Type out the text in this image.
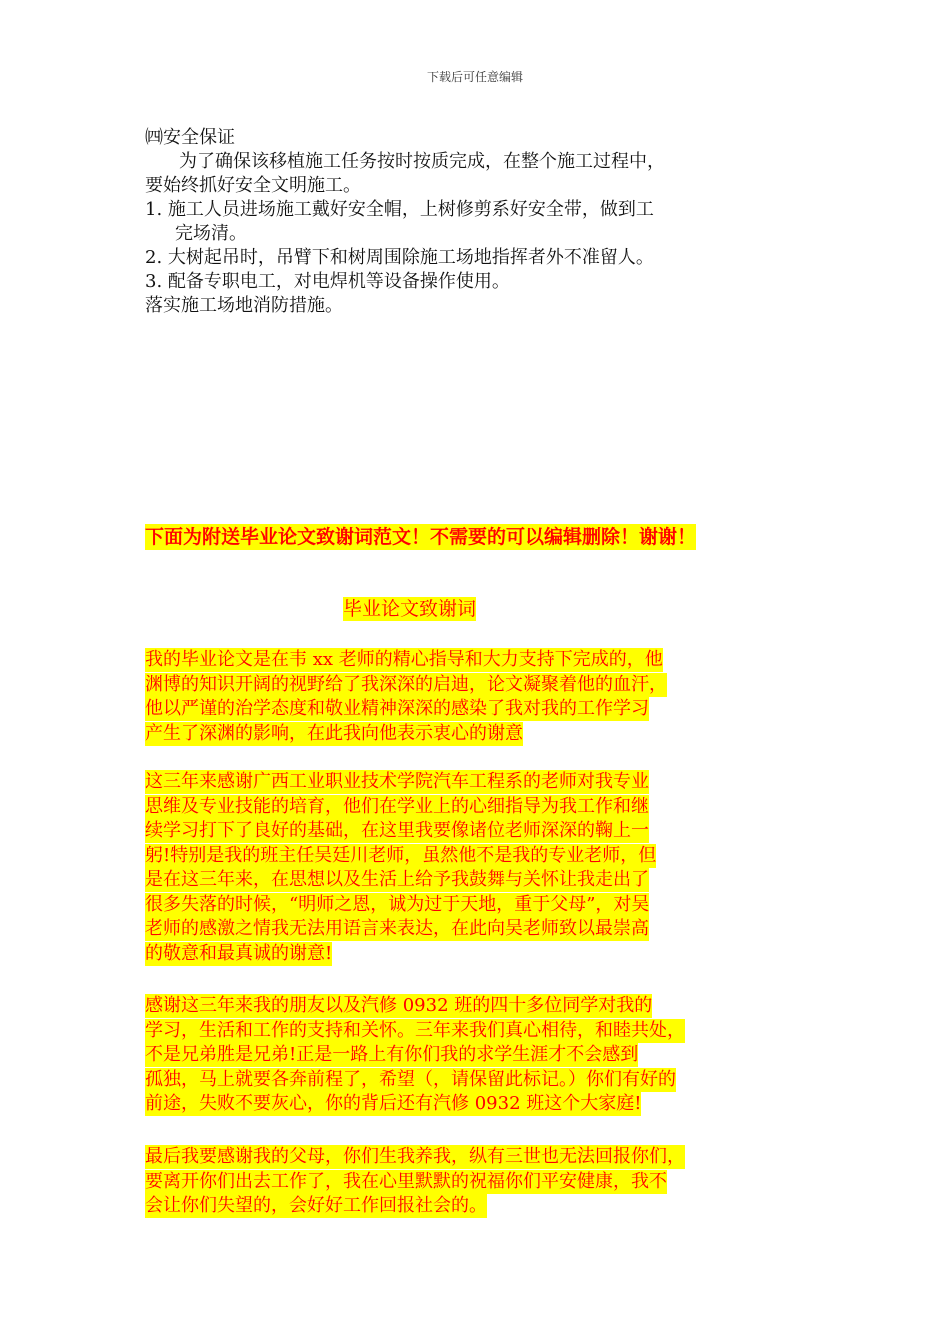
下载后可任意编辑
㈣安全保证
为了确保该移植施工任务按时按质完成，在整个施工过程中，
要始终抓好安全文明施工。
1. 施工人员进场施工戴好安全帽，上树修剪系好安全带，做到工
完场清。
2. 大树起吊时，吊臂下和树周围除施工场地指挥者外不准留人。
3. 配备专职电工，对电焊机等设备操作使用。
落实施工场地消防措施。
下面为附送毕业论文致谢词范文！不需要的可以编辑删除！谢谢！
毕业论文致谢词
我的毕业论文是在韦 xx 老师的精心指导和大力支持下完成的，他
渊博的知识开阔的视野给了我深深的启迪，论文凝聚着他的血汗，
他以严谨的治学态度和敬业精神深深的感染了我对我的工作学习
产生了深渊的影响，在此我向他表示衷心的谢意
这三年来感谢广西工业职业技术学院汽车工程系的老师对我专业
思维及专业技能的培育，他们在学业上的心细指导为我工作和继
续学习打下了良好的基础，在这里我要像诸位老师深深的鞠上一
躬!特别是我的班主任吴廷川老师，虽然他不是我的专业老师，但
是在这三年来，在思想以及生活上给予我鼓舞与关怀让我走出了
很多失落的时候，“明师之恩，诚为过于天地，重于父母”，对吴
老师的感激之情我无法用语言来表达，在此向吴老师致以最崇高
的敬意和最真诚的谢意!
感谢这三年来我的朋友以及汽修 0932 班的四十多位同学对我的
学习，生活和工作的支持和关怀。三年来我们真心相待，和睦共处，
不是兄弟胜是兄弟!正是一路上有你们我的求学生涯才不会感到
孤独，马上就要各奔前程了，希望（，请保留此标记。）你们有好的
前途，失败不要灰心，你的背后还有汽修 0932 班这个大家庭!
最后我要感谢我的父母，你们生我养我，纵有三世也无法回报你们，
要离开你们出去工作了，我在心里默默的祝福你们平安健康，我不
会让你们失望的，会好好工作回报社会的。
